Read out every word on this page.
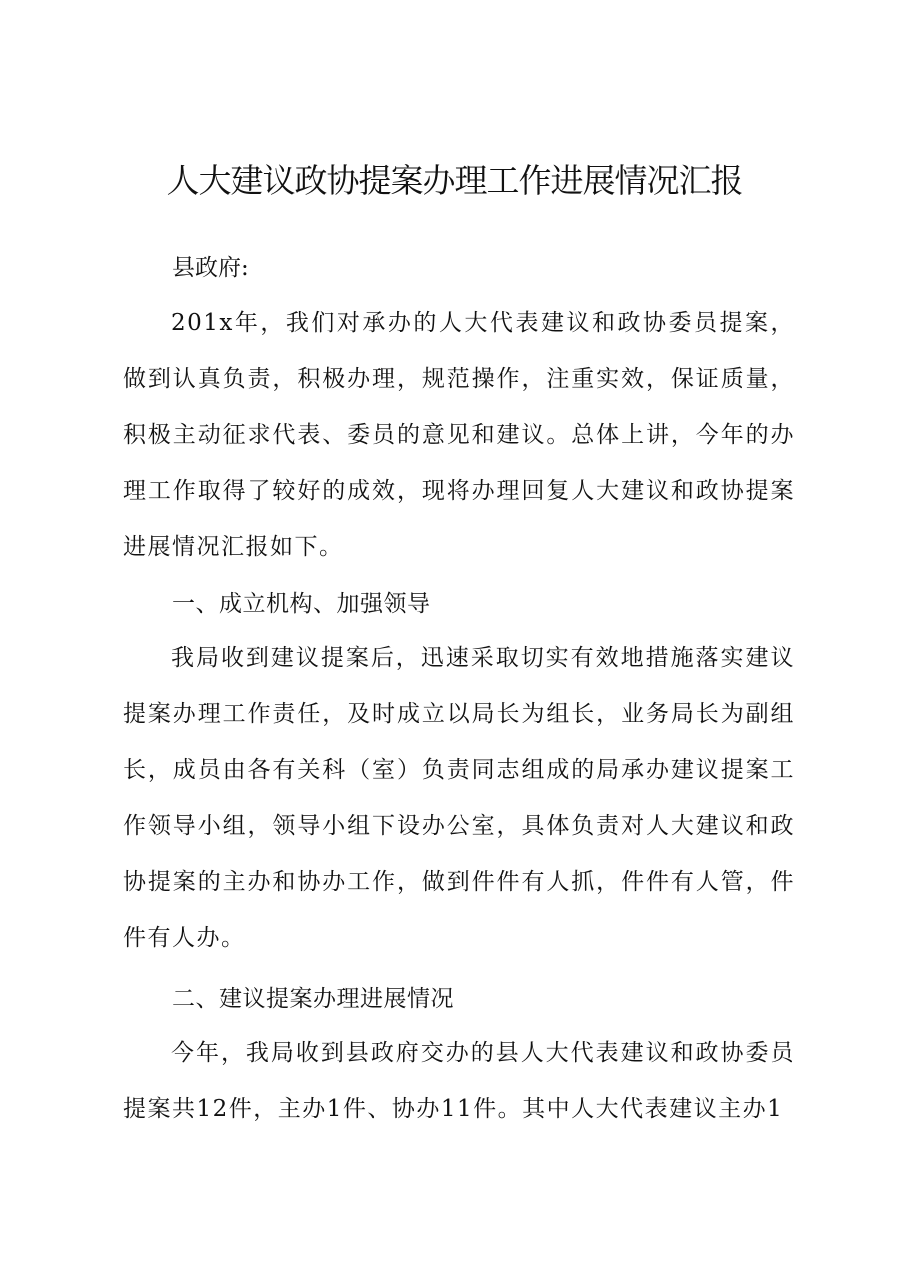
人大建议政协提案办理工作进展情况汇报

县政府:

201x年，我们对承办的人大代表建议和政协委员提案，做到认真负责，积极办理，规范操作，注重实效，保证质量，积极主动征求代表、委员的意见和建议。总体上讲，今年的办理工作取得了较好的成效，现将办理回复人大建议和政协提案进展情况汇报如下。

一、成立机构、加强领导

我局收到建议提案后，迅速采取切实有效地措施落实建议提案办理工作责任，及时成立以局长为组长，业务局长为副组长，成员由各有关科（室）负责同志组成的局承办建议提案工作领导小组，领导小组下设办公室，具体负责对人大建议和政协提案的主办和协办工作，做到件件有人抓，件件有人管，件件有人办。

二、建议提案办理进展情况

今年，我局收到县政府交办的县人大代表建议和政协委员提案共12件，主办1件、协办11件。其中人大代表建议主办1
